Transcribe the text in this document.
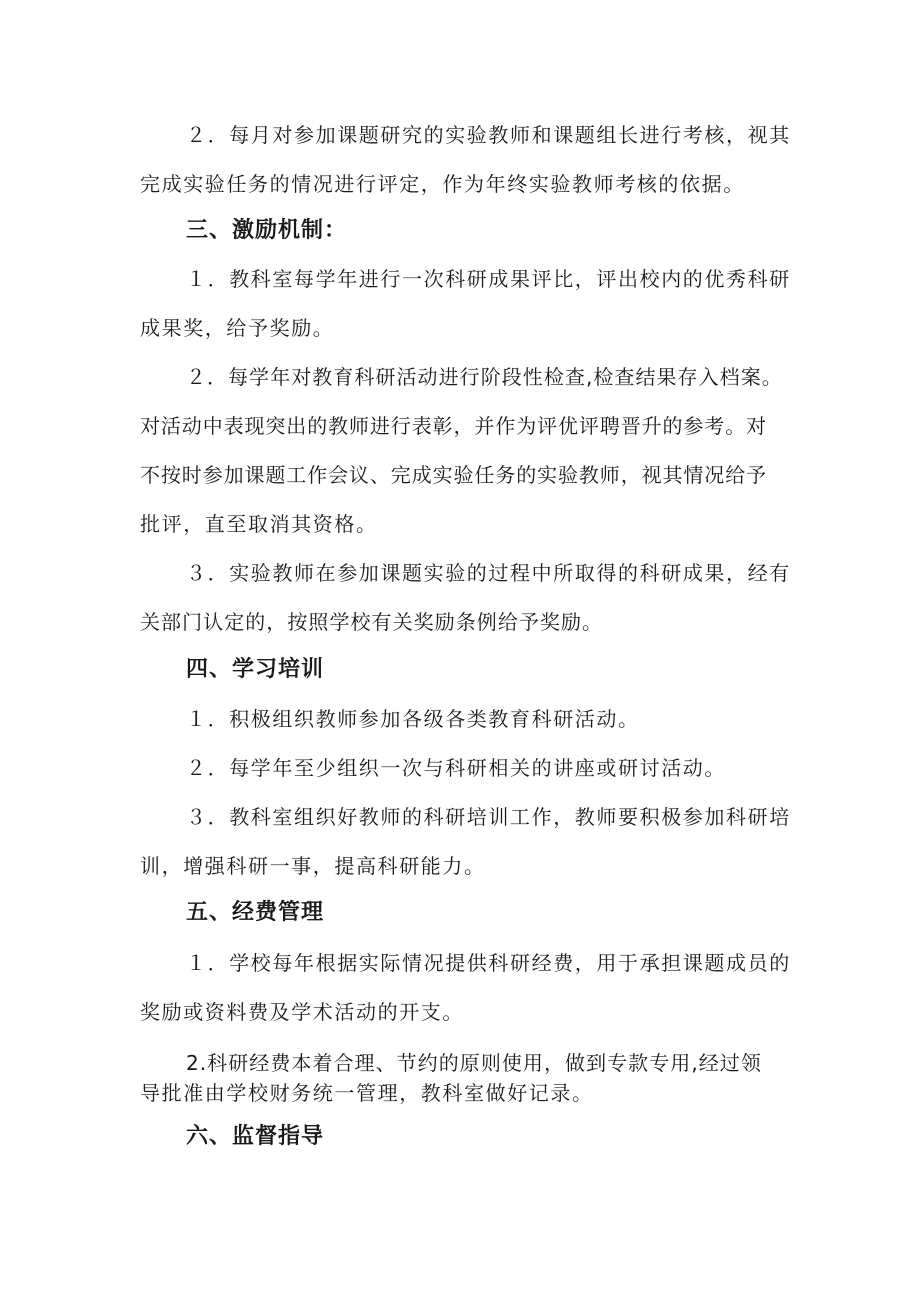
２．每月对参加课题研究的实验教师和课题组长进行考核，视其
完成实验任务的情况进行评定，作为年终实验教师考核的依据。
三、激励机制：
１．教科室每学年进行一次科研成果评比，评出校内的优秀科研
成果奖，给予奖励。
２．每学年对教育科研活动进行阶段性检查,检查结果存入档案。
对活动中表现突出的教师进行表彰，并作为评优评聘晋升的参考。对
不按时参加课题工作会议、完成实验任务的实验教师，视其情况给予
批评，直至取消其资格。
３．实验教师在参加课题实验的过程中所取得的科研成果，经有
关部门认定的，按照学校有关奖励条例给予奖励。
四、学习培训
１．积极组织教师参加各级各类教育科研活动。
２．每学年至少组织一次与科研相关的讲座或研讨活动。
３．教科室组织好教师的科研培训工作，教师要积极参加科研培
训，增强科研一事，提高科研能力。
五、经费管理
１．学校每年根据实际情况提供科研经费，用于承担课题成员的
奖励或资料费及学术活动的开支。
2.科研经费本着合理、节约的原则使用，做到专款专用,经过领
导批准由学校财务统一管理，教科室做好记录。
六、监督指导
